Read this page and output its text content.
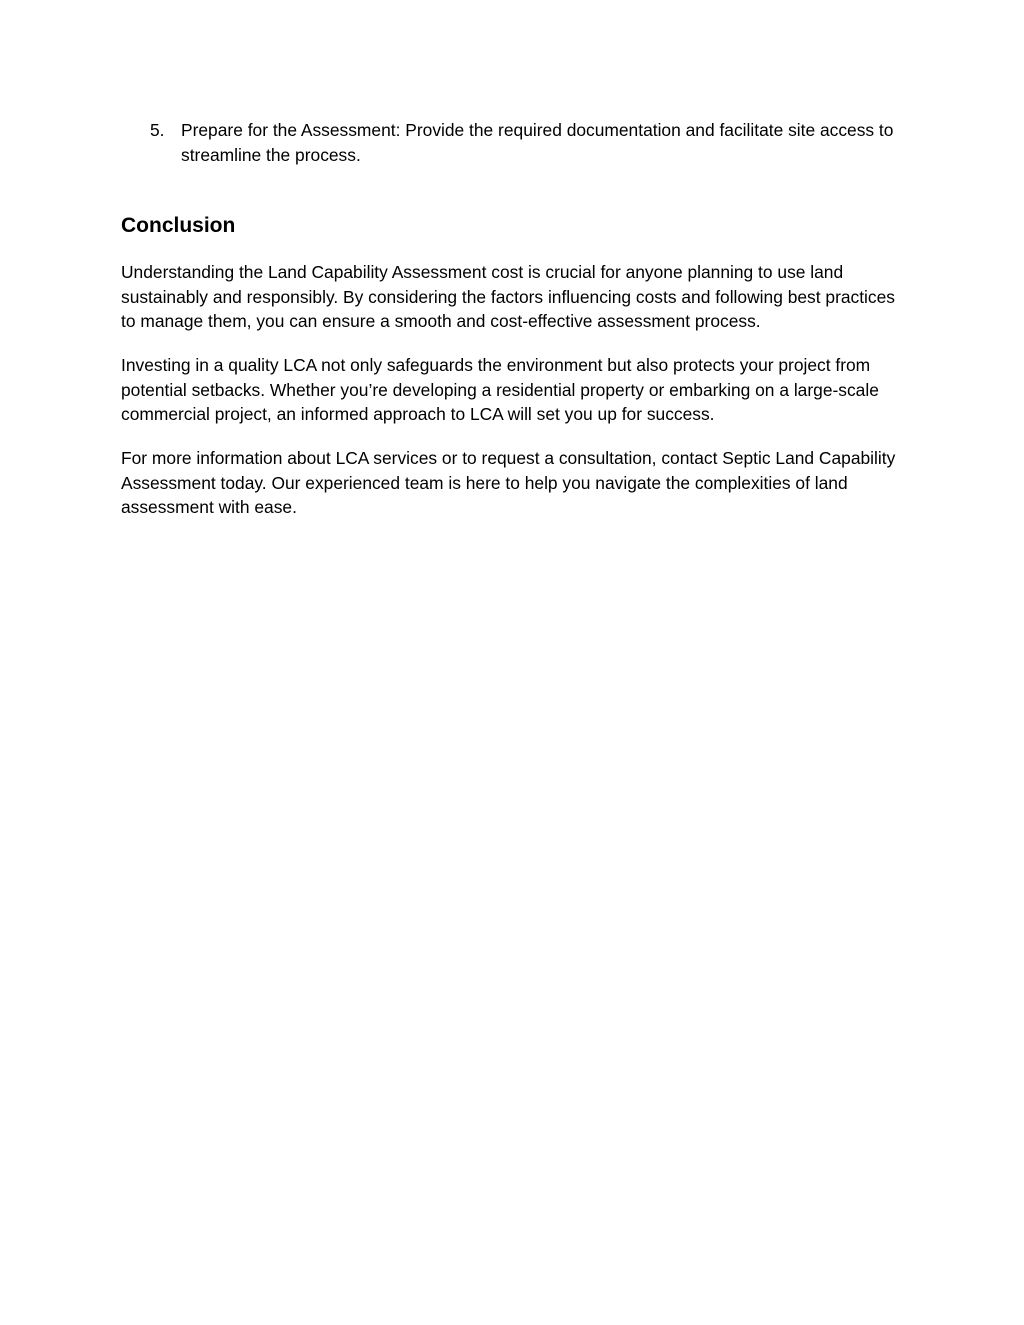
5. Prepare for the Assessment: Provide the required documentation and facilitate site access to streamline the process.
Conclusion

Understanding the Land Capability Assessment cost is crucial for anyone planning to use land sustainably and responsibly. By considering the factors influencing costs and following best practices to manage them, you can ensure a smooth and cost-effective assessment process.

Investing in a quality LCA not only safeguards the environment but also protects your project from potential setbacks. Whether you’re developing a residential property or embarking on a large-scale commercial project, an informed approach to LCA will set you up for success.

For more information about LCA services or to request a consultation, contact Septic Land Capability Assessment today. Our experienced team is here to help you navigate the complexities of land assessment with ease.
